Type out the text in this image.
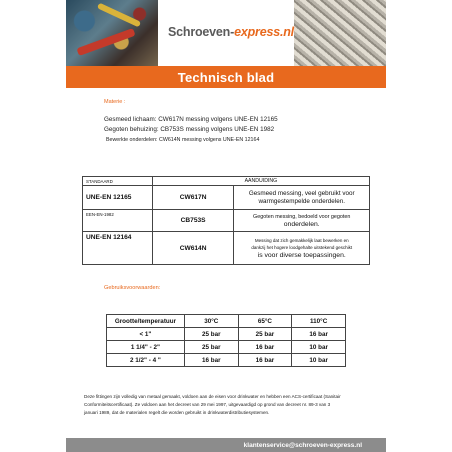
Schroeven- express.nl
Technisch blad
Materie :
Gesmeed lichaam: CW617N messing volgens UNE-EN 12165
Gegoten behuizing: CB753S messing volgens UNE-EN 1982
Bewerkte onderdelen: CW614N messing volgens UNE-EN 12164
STANDAARD	AANDUIDING	
UNE-EN 12165	CW617N	Gesmeed messing, veel gebruikt voor
warmgestempelde onderdelen.

EEN-EN-1982	CB753S	Gegoten messing, bedoeld voor gegoten
onderdelen.

UNE-EN 12164	CW614N	Messing dat zich gemakkelijk laat bewerken en
dankzij het hogere loodgehalte uitstekend geschikt
is voor diverse toepassingen.
Gebruiksvoorwaarden:
Grootte/temperatuur	30°C	65°C	110°C
< 1"	25 bar	25 bar	16 bar
1 1/4" - 2"	25 bar	16 bar	10 bar
2 1/2" - 4 "	16 bar	16 bar	10 bar
Deze fittingen zijn volledig van metaal gemaakt, voldoen aan de eisen voor drinkwater en hebben een ACS-certificaat (Sanitair
Conformiteitscertificaat). Ze voldoen aan het decreet van 29 mei 1997, uitgevaardigd op grond van decreet nr. 89-3 van 3
januari 1989, dat de materialen regelt die worden gebruikt in drinkwaterdistributiesystemen.
klantenservice@schroeven-express.nl
